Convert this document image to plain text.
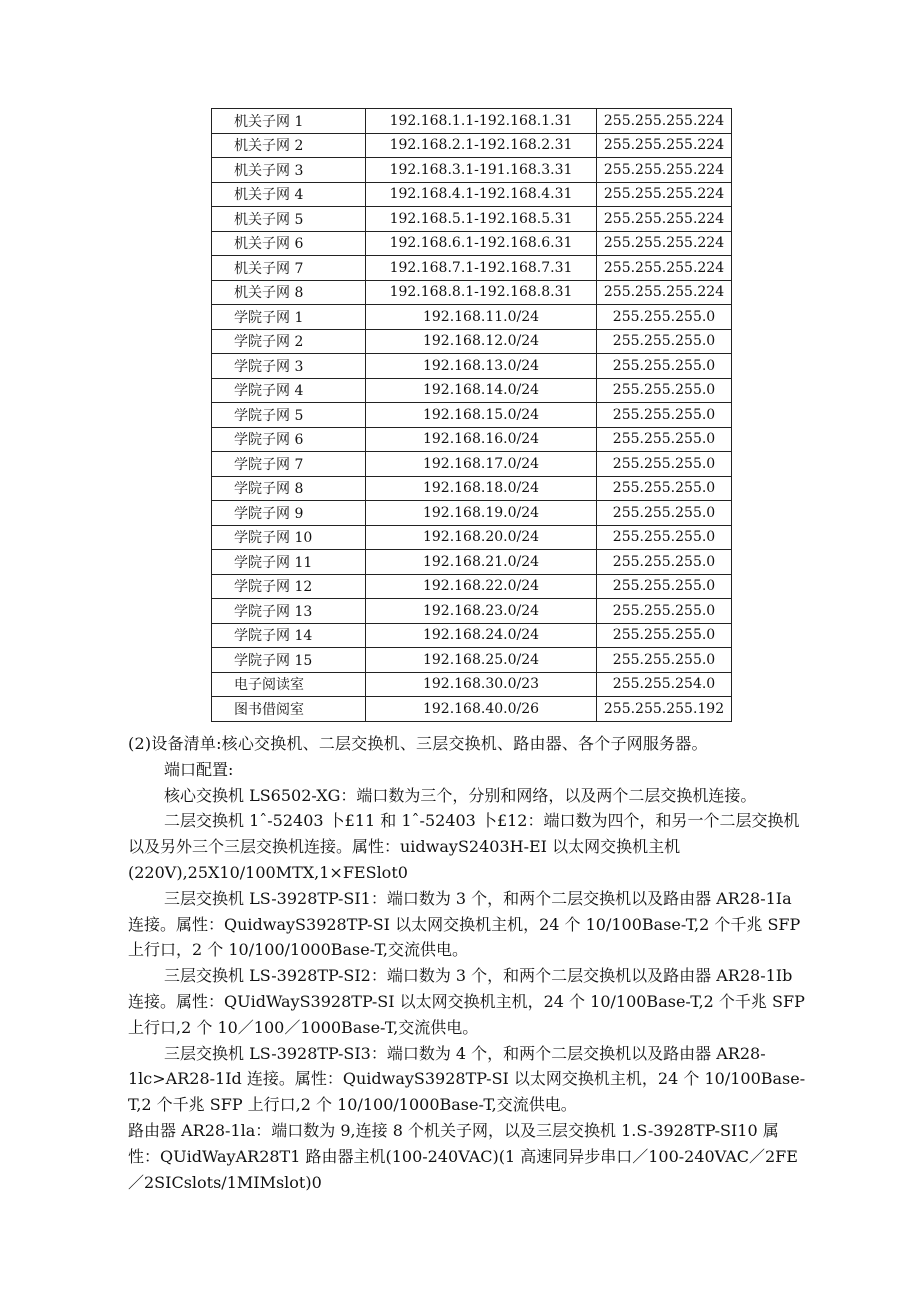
机关子网 1	192.168.1.1-192.168.1.31	255.255.255.224
机关子网 2	192.168.2.1-192.168.2.31	255.255.255.224
机关子网 3	192.168.3.1-191.168.3.31	255.255.255.224
机关子网 4	192.168.4.1-192.168.4.31	255.255.255.224
机关子网 5	192.168.5.1-192.168.5.31	255.255.255.224
机关子网 6	192.168.6.1-192.168.6.31	255.255.255.224
机关子网 7	192.168.7.1-192.168.7.31	255.255.255.224
机关子网 8	192.168.8.1-192.168.8.31	255.255.255.224
学院子网 1	192.168.11.0/24	255.255.255.0
学院子网 2	192.168.12.0/24	255.255.255.0
学院子网 3	192.168.13.0/24	255.255.255.0
学院子网 4	192.168.14.0/24	255.255.255.0
学院子网 5	192.168.15.0/24	255.255.255.0
学院子网 6	192.168.16.0/24	255.255.255.0
学院子网 7	192.168.17.0/24	255.255.255.0
学院子网 8	192.168.18.0/24	255.255.255.0
学院子网 9	192.168.19.0/24	255.255.255.0
学院子网 10	192.168.20.0/24	255.255.255.0
学院子网 11	192.168.21.0/24	255.255.255.0
学院子网 12	192.168.22.0/24	255.255.255.0
学院子网 13	192.168.23.0/24	255.255.255.0
学院子网 14	192.168.24.0/24	255.255.255.0
学院子网 15	192.168.25.0/24	255.255.255.0
电子阅读室	192.168.30.0/23	255.255.254.0
图书借阅室	192.168.40.0/26	255.255.255.192

(2)设备清单:核心交换机、二层交换机、三层交换机、路由器、各个子网服务器。

端口配置:

核心交换机 LS6502-XG：端口数为三个，分别和网络，以及两个二层交换机连接。

二层交换机 1ˆ-52403 卜£11 和 1ˆ-52403 卜£12：端口数为四个，和另一个二层交换机以及另外三个三层交换机连接。属性：uidwayS2403H-EI 以太网交换机主机(220V),25X10/100MTX,1×FESlot0

三层交换机 LS-3928TP-SI1：端口数为 3 个，和两个二层交换机以及路由器 AR28-1Ia 连接。属性：QuidwayS3928TP-SI 以太网交换机主机，24 个 10/100Base-T,2 个千兆 SFP 上行口，2 个 10/100/1000Base-T,交流供电。

三层交换机 LS-3928TP-SI2：端口数为 3 个，和两个二层交换机以及路由器 AR28-1Ib 连接。属性：QUidWayS3928TP-SI 以太网交换机主机，24 个 10/100Base-T,2 个千兆 SFP 上行口,2 个 10／100／1000Base-T,交流供电。

三层交换机 LS-3928TP-SI3：端口数为 4 个，和两个二层交换机以及路由器 AR28-1lc>AR28-1Id 连接。属性：QuidwayS3928TP-SI 以太网交换机主机，24 个 10/100Base-T,2 个千兆 SFP 上行口,2 个 10/100/1000Base-T,交流供电。

路由器 AR28-1la：端口数为 9,连接 8 个机关子网，以及三层交换机 1.S-3928TP-SI10 属性：QUidWayAR28T1 路由器主机(100-240VAC)(1 高速同异步串口／100-240VAC／2FE／2SICslots/1MIMslot)0
